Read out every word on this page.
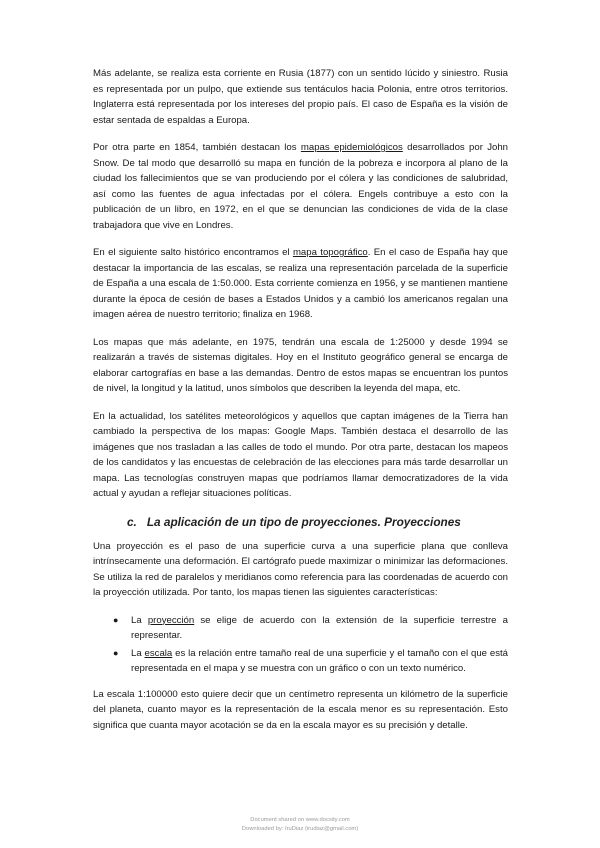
Más adelante, se realiza esta corriente en Rusia (1877) con un sentido lúcido y siniestro. Rusia es representada por un pulpo, que extiende sus tentáculos hacia Polonia, entre otros territorios. Inglaterra está representada por los intereses del propio país. El caso de España es la visión de estar sentada de espaldas a Europa.

Por otra parte en 1854, también destacan los mapas epidemiológicos desarrollados por John Snow. De tal modo que desarrolló su mapa en función de la pobreza e incorpora al plano de la ciudad los fallecimientos que se van produciendo por el cólera y las condiciones de salubridad, así como las fuentes de agua infectadas por el cólera. Engels contribuye a esto con la publicación de un libro, en 1972, en el que se denuncian las condiciones de vida de la clase trabajadora que vive en Londres.

En el siguiente salto histórico encontramos el mapa topográfico. En el caso de España hay que destacar la importancia de las escalas, se realiza una representación parcelada de la superficie de España a una escala de 1:50.000. Esta corriente comienza en 1956, y se mantienen mantiene durante la época de cesión de bases a Estados Unidos y a cambió los americanos regalan una imagen aérea de nuestro territorio; finaliza en 1968.

Los mapas que más adelante, en 1975, tendrán una escala de 1:25000 y desde 1994 se realizarán a través de sistemas digitales. Hoy en el Instituto geográfico general se encarga de elaborar cartografías en base a las demandas. Dentro de estos mapas se encuentran los puntos de nivel, la longitud y la latitud, unos símbolos que describen la leyenda del mapa, etc.

En la actualidad, los satélites meteorológicos y aquellos que captan imágenes de la Tierra han cambiado la perspectiva de los mapas: Google Maps. También destaca el desarrollo de las imágenes que nos trasladan a las calles de todo el mundo. Por otra parte, destacan los mapeos de los candidatos y las encuestas de celebración de las elecciones para más tarde desarrollar un mapa. Las tecnologías construyen mapas que podríamos llamar democratizadores de la vida actual y ayudan a reflejar situaciones políticas.

c. La aplicación de un tipo de proyecciones. Proyecciones

Una proyección es el paso de una superficie curva a una superficie plana que conlleva intrínsecamente una deformación. El cartógrafo puede maximizar o minimizar las deformaciones. Se utiliza la red de paralelos y meridianos como referencia para las coordenadas de acuerdo con la proyección utilizada. Por tanto, los mapas tienen las siguientes características:

● La proyección se elige de acuerdo con la extensión de la superficie terrestre a representar.
● La escala es la relación entre tamaño real de una superficie y el tamaño con el que está representada en el mapa y se muestra con un gráfico o con un texto numérico.

La escala 1:100000 esto quiere decir que un centímetro representa un kilómetro de la superficie del planeta, cuanto mayor es la representación de la escala menor es su representación. Esto significa que cuanta mayor acotación se da en la escala mayor es su precisión y detalle.

Document shared on www.docsity.com
Downloaded by: IruDiaz (irudiaz@gmail.com)
